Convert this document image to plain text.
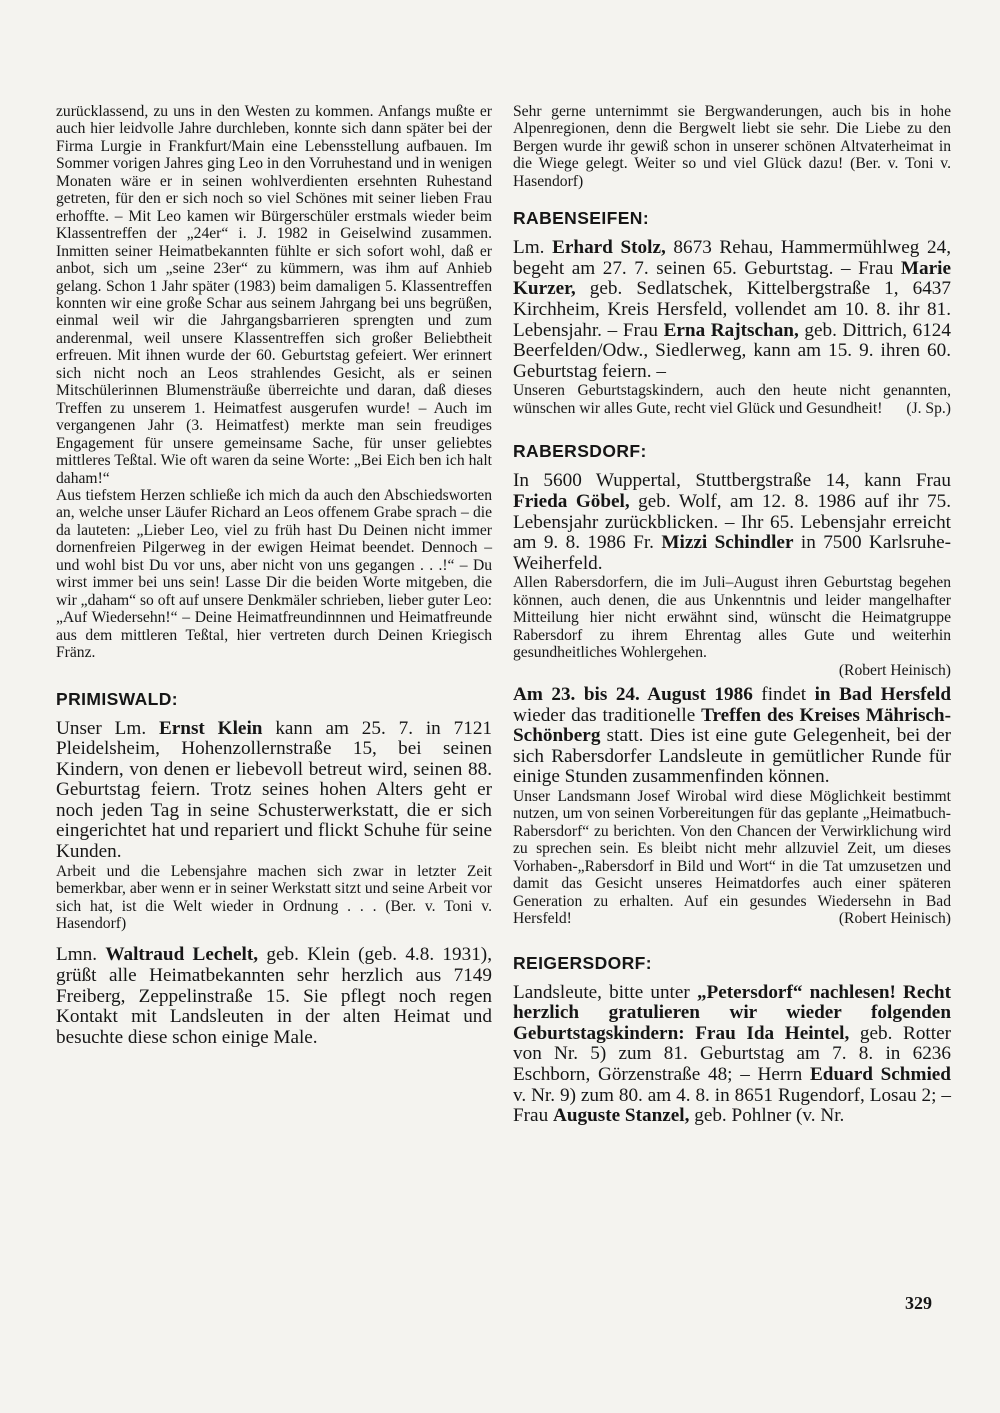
zurücklassend, zu uns in den Westen zu kommen. Anfangs mußte er auch hier leidvolle Jahre durchleben, konnte sich dann später bei der Firma Lurgie in Frankfurt/Main eine Lebensstellung aufbauen. Im Sommer vorigen Jahres ging Leo in den Vorruhestand und in wenigen Monaten wäre er in seinen wohlverdienten ersehnten Ruhestand getreten, für den er sich noch so viel Schönes mit seiner lieben Frau erhoffte. – Mit Leo kamen wir Bürgerschüler erstmals wieder beim Klassentreffen der „24er“ i. J. 1982 in Geiselwind zusammen. Inmitten seiner Heimatbekannten fühlte er sich sofort wohl, daß er anbot, sich um „seine 23er“ zu kümmern, was ihm auf Anhieb gelang. Schon 1 Jahr später (1983) beim damaligen 5. Klassentreffen konnten wir eine große Schar aus seinem Jahrgang bei uns begrüßen, einmal weil wir die Jahrgangsbarrieren sprengten und zum anderenmal, weil unsere Klassentreffen sich großer Beliebtheit erfreuen. Mit ihnen wurde der 60. Geburtstag gefeiert. Wer erinnert sich nicht noch an Leos strahlendes Gesicht, als er seinen Mitschülerinnen Blumensträuße überreichte und daran, daß dieses Treffen zu unserem 1. Heimatfest ausgerufen wurde! – Auch im vergangenen Jahr (3. Heimatfest) merkte man sein freudiges Engagement für unsere gemeinsame Sache, für unser geliebtes mittleres Teßtal. Wie oft waren da seine Worte: „Bei Eich ben ich halt daham!“

Aus tiefstem Herzen schließe ich mich da auch den Abschiedsworten an, welche unser Läufer Richard an Leos offenem Grabe sprach – die da lauteten: „Lieber Leo, viel zu früh hast Du Deinen nicht immer dornenfreien Pilgerweg in der ewigen Heimat beendet. Dennoch – und wohl bist Du vor uns, aber nicht von uns gegangen . . .!“ – Du wirst immer bei uns sein! Lasse Dir die beiden Worte mitgeben, die wir „daham“ so oft auf unsere Denkmäler schrieben, lieber guter Leo: „Auf Wiedersehn!“ – Deine Heimatfreundinnnen und Heimatfreunde aus dem mittleren Teßtal, hier vertreten durch Deinen Kriegisch Fränz.

PRIMISWALD:

Unser Lm. Ernst Klein kann am 25. 7. in 7121 Pleidelsheim, Hohenzollernstraße 15, bei seinen Kindern, von denen er liebevoll betreut wird, seinen 88. Geburtstag feiern. Trotz seines hohen Alters geht er noch jeden Tag in seine Schusterwerkstatt, die er sich eingerichtet hat und repariert und flickt Schuhe für seine Kunden.

Arbeit und die Lebensjahre machen sich zwar in letzter Zeit bemerkbar, aber wenn er in seiner Werkstatt sitzt und seine Arbeit vor sich hat, ist die Welt wieder in Ordnung . . . (Ber. v. Toni v. Hasendorf)

Lmn. Waltraud Lechelt, geb. Klein (geb. 4.8. 1931), grüßt alle Heimatbekannten sehr herzlich aus 7149 Freiberg, Zeppelinstraße 15. Sie pflegt noch regen Kontakt mit Landsleuten in der alten Heimat und besuchte diese schon einige Male.

Sehr gerne unternimmt sie Bergwanderungen, auch bis in hohe Alpenregionen, denn die Bergwelt liebt sie sehr. Die Liebe zu den Bergen wurde ihr gewiß schon in unserer schönen Altvaterheimat in die Wiege gelegt. Weiter so und viel Glück dazu! (Ber. v. Toni v. Hasendorf)

RABENSEIFEN:

Lm. Erhard Stolz, 8673 Rehau, Hammermühlweg 24, begeht am 27. 7. seinen 65. Geburtstag. – Frau Marie Kurzer, geb. Sedlatschek, Kittelbergstraße 1, 6437 Kirchheim, Kreis Hersfeld, vollendet am 10. 8. ihr 81. Lebensjahr. – Frau Erna Rajtschan, geb. Dittrich, 6124 Beerfelden/Odw., Siedlerweg, kann am 15. 9. ihren 60. Geburtstag feiern. –

Unseren Geburtstagskindern, auch den heute nicht genannten, wünschen wir alles Gute, recht viel Glück und Gesundheit! (J. Sp.)

RABERSDORF:

In 5600 Wuppertal, Stuttbergstraße 14, kann Frau Frieda Göbel, geb. Wolf, am 12. 8. 1986 auf ihr 75. Lebensjahr zurückblicken. – Ihr 65. Lebensjahr erreicht am 9. 8. 1986 Fr. Mizzi Schindler in 7500 Karlsruhe-Weiherfeld.

Allen Rabersdorfern, die im Juli–August ihren Geburtstag begehen können, auch denen, die aus Unkenntnis und leider mangelhafter Mitteilung hier nicht erwähnt sind, wünscht die Heimatgruppe Rabersdorf zu ihrem Ehrentag alles Gute und weiterhin gesundheitliches Wohlergehen.

(Robert Heinisch)

Am 23. bis 24. August 1986 findet in Bad Hersfeld wieder das traditionelle Treffen des Kreises Mährisch-Schönberg statt. Dies ist eine gute Gelegenheit, bei der sich Rabersdorfer Landsleute in gemütlicher Runde für einige Stunden zusammenfinden können.

Unser Landsmann Josef Wirobal wird diese Möglichkeit bestimmt nutzen, um von seinen Vorbereitungen für das geplante „Heimatbuch-Rabersdorf“ zu berichten. Von den Chancen der Verwirklichung wird zu sprechen sein. Es bleibt nicht mehr allzuviel Zeit, um dieses Vorhaben-„Rabersdorf in Bild und Wort“ in die Tat umzusetzen und damit das Gesicht unseres Heimatdorfes auch einer späteren Generation zu erhalten. Auf ein gesundes Wiedersehn in Bad Hersfeld!	(Robert Heinisch)

REIGERSDORF:

Landsleute, bitte unter „Petersdorf“ nachlesen! Recht herzlich gratulieren wir wieder folgenden Geburtstagskindern: Frau Ida Heintel, geb. Rotter von Nr. 5) zum 81. Geburtstag am 7. 8. in 6236 Eschborn, Görzenstraße 48; – Herrn Eduard Schmied v. Nr. 9) zum 80. am 4. 8. in 8651 Rugendorf, Losau 2; – Frau Auguste Stanzel, geb. Pohlner (v. Nr.

329
